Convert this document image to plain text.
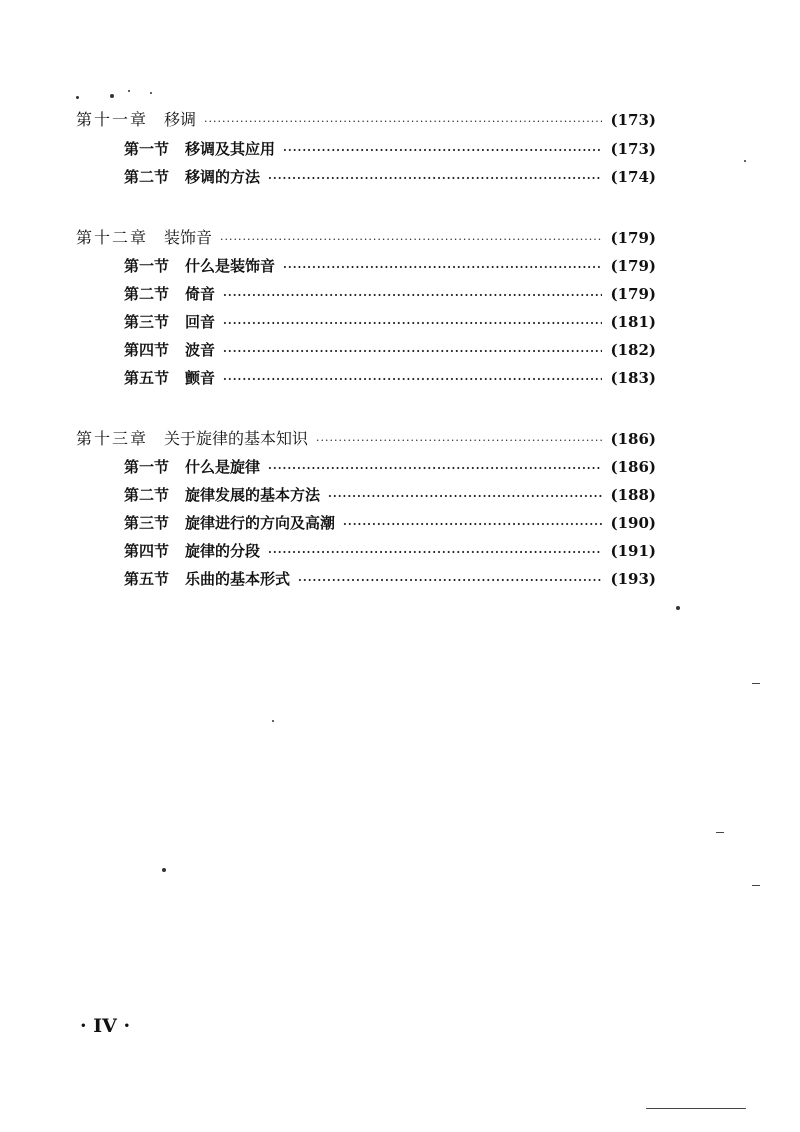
第十一章 移调 ·····	(173)
第一节 移调及其应用 ·····	(173)
第二节 移调的方法 ·····	(174)
第十二章 装饰音 ·····	(179)
第一节 什么是装饰音 ·····	(179)
第二节 倚音 ·····	(179)
第三节 回音 ·····	(181)
第四节 波音 ·····	(182)
第五节 颤音 ·····	(183)
第十三章 关于旋律的基本知识 ·····	(186)
第一节 什么是旋律 ·····	(186)
第二节 旋律发展的基本方法 ·····	(188)
第三节 旋律进行的方向及高潮 ·····	(190)
第四节 旋律的分段 ·····	(191)
第五节 乐曲的基本形式 ·····	(193)
· IV ·
